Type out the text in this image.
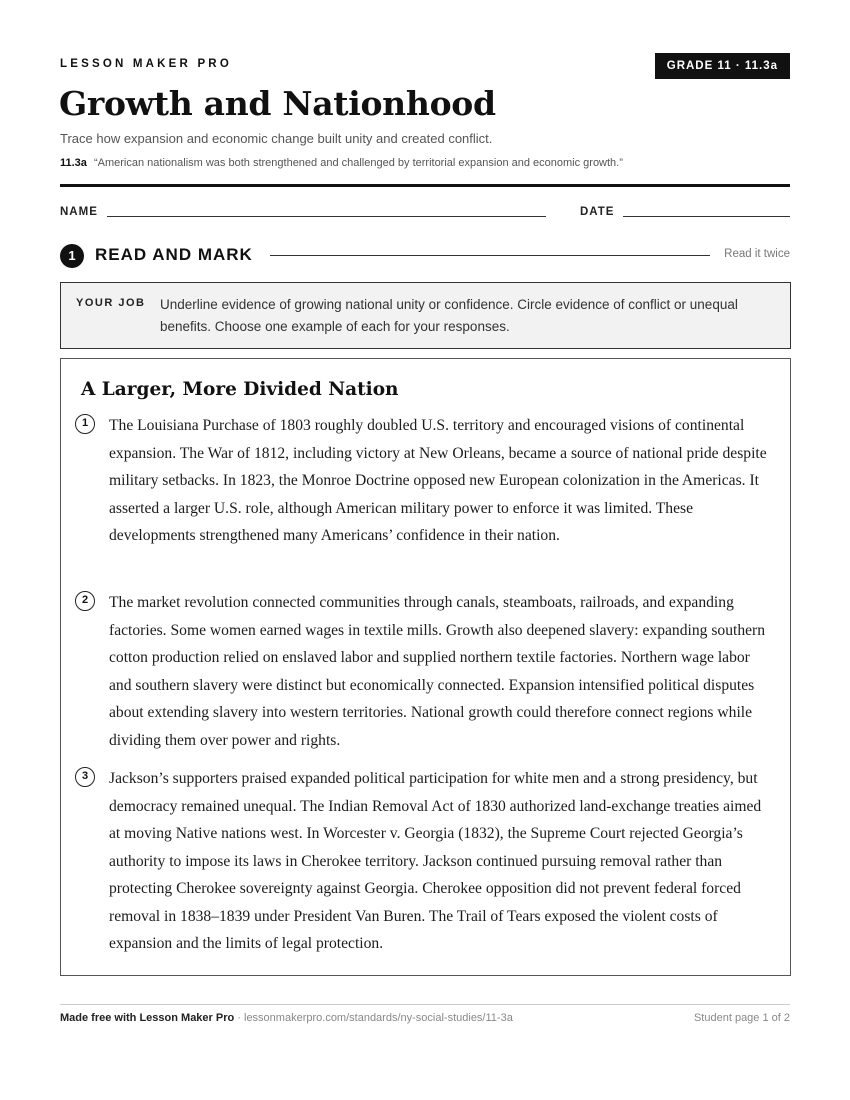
LESSON MAKER PRO	GRADE 11 · 11.3a
Growth and Nationhood
Trace how expansion and economic change built unity and created conflict.
11.3a “American nationalism was both strengthened and challenged by territorial expansion and economic growth.”
NAME	DATE
1	READ AND MARK	Read it twice
YOUR JOB Underline evidence of growing national unity or confidence. Circle evidence of conflict or unequal benefits. Choose one example of each for your responses.
A Larger, More Divided Nation
1	The Louisiana Purchase of 1803 roughly doubled U.S. territory and encouraged visions of continental expansion. The War of 1812, including victory at New Orleans, became a source of national pride despite military setbacks. In 1823, the Monroe Doctrine opposed new European colonization in the Americas. It asserted a larger U.S. role, although American military power to enforce it was limited. These developments strengthened many Americans’ confidence in their nation.
2	The market revolution connected communities through canals, steamboats, railroads, and expanding factories. Some women earned wages in textile mills. Growth also deepened slavery: expanding southern cotton production relied on enslaved labor and supplied northern textile factories. Northern wage labor and southern slavery were distinct but economically connected. Expansion intensified political disputes about extending slavery into western territories. National growth could therefore connect regions while dividing them over power and rights.
3	Jackson’s supporters praised expanded political participation for white men and a strong presidency, but democracy remained unequal. The Indian Removal Act of 1830 authorized land-exchange treaties aimed at moving Native nations west. In Worcester v. Georgia (1832), the Supreme Court rejected Georgia’s authority to impose its laws in Cherokee territory. Jackson continued pursuing removal rather than protecting Cherokee sovereignty against Georgia. Cherokee opposition did not prevent federal forced removal in 1838–1839 under President Van Buren. The Trail of Tears exposed the violent costs of expansion and the limits of legal protection.
Made free with Lesson Maker Pro · lessonmakerpro.com/standards/ny-social-studies/11-3a	Student page 1 of 2
